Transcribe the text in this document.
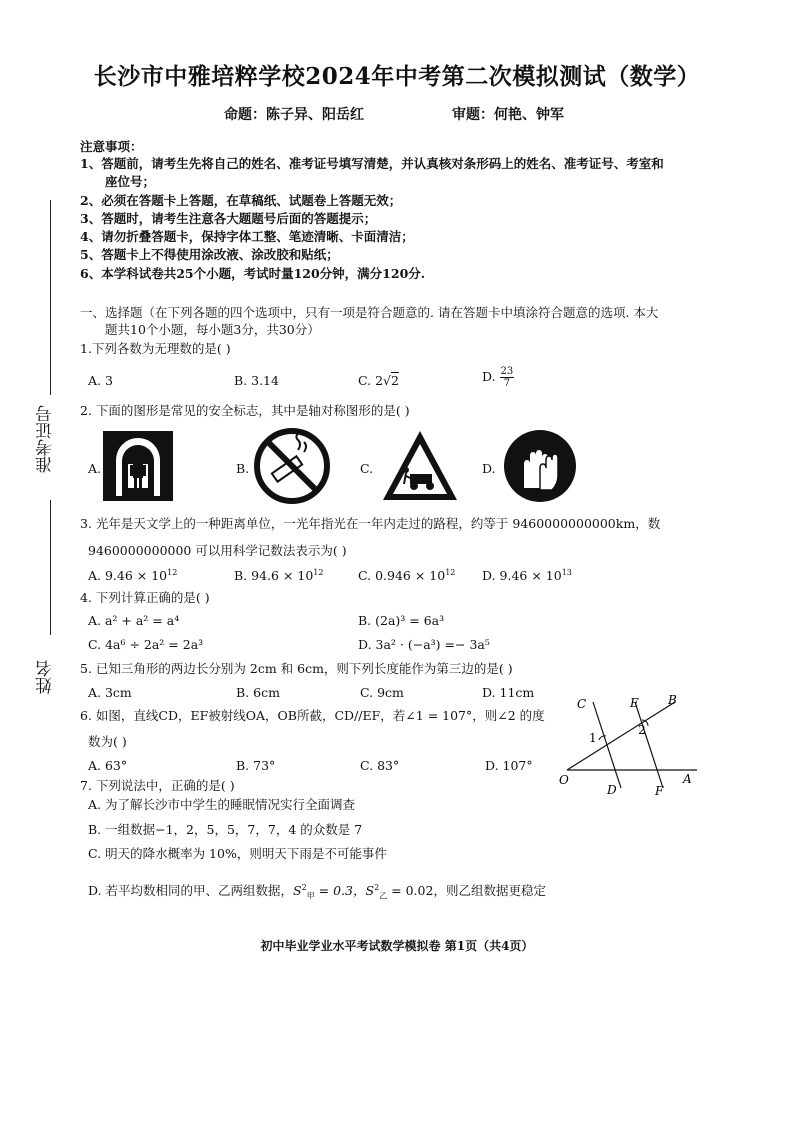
长沙市中雅培粹学校2024年中考第二次模拟测试（数学）
命题：陈子异、阳岳红	审题：何艳、钟军
准考证号
姓名
注意事项：
1、答题前，请考生先将自己的姓名、准考证号填写清楚，并认真核对条形码上的姓名、准考证号、考室和
座位号；
2、必须在答题卡上答题，在草稿纸、试题卷上答题无效；
3、答题时，请考生注意各大题题号后面的答题提示；
4、请勿折叠答题卡，保持字体工整、笔迹清晰、卡面清洁；
5、答题卡上不得使用涂改液、涂改胶和贴纸；
6、本学科试卷共25个小题，考试时量120分钟，满分120分.
一、选择题（在下列各题的四个选项中，只有一项是符合题意的. 请在答题卡中填涂符合题意的选项. 本大
题共10个小题，每小题3分，共30分）
1.下列各数为无理数的是( )
A. 3	B. 3.14	C. 2√2	D. $\frac{23}{7}$
2. 下面的图形是常见的安全标志，其中是轴对称图形的是( )
A.	B.	C.	D.
3. 光年是天文学上的一种距离单位，一光年指光在一年内走过的路程，约等于 9460000000000km，数
9460000000000 可以用科学记数法表示为( )
A. $9.46 \times 10^{12}$	B. $94.6 \times 10^{12}$	C. $0.946 \times 10^{12}$ D. $9.46 \times 10^{13}$
4. 下列计算正确的是( )
A. a² + a² = a⁴	B. (2a)³ = 6a³
C. 4a⁶ ÷ 2a² = 2a³	D. 3a² · (−a³) =− 3a⁵
5. 已知三角形的两边长分别为 2cm 和 6cm，则下列长度能作为第三边的是( )
A. 3cm	B. 6cm	C. 9cm	D. 11cm
6. 如图，直线CD，EF被射线OA，OB所截，CD//EF，若∠1 = 107°，则∠2 的度
数为( )
A. 63°	B. 73°	C. 83°	D. 107°
C	E B
1
2
O
D	F
A
7. 下列说法中，正确的是( )
A. 为了解长沙市中学生的睡眠情况实行全面调查
B. 一组数据−1，2，5，5，7，7，4 的众数是 7
C. 明天的降水概率为 10%，则明天下雨是不可能事件
D. 若平均数相同的甲、乙两组数据，$S^2_甲 = 0.3$，$S^2_乙 = 0.02$，则乙组数据更稳定
初中毕业学业水平考试数学模拟卷 第1页（共4页）
